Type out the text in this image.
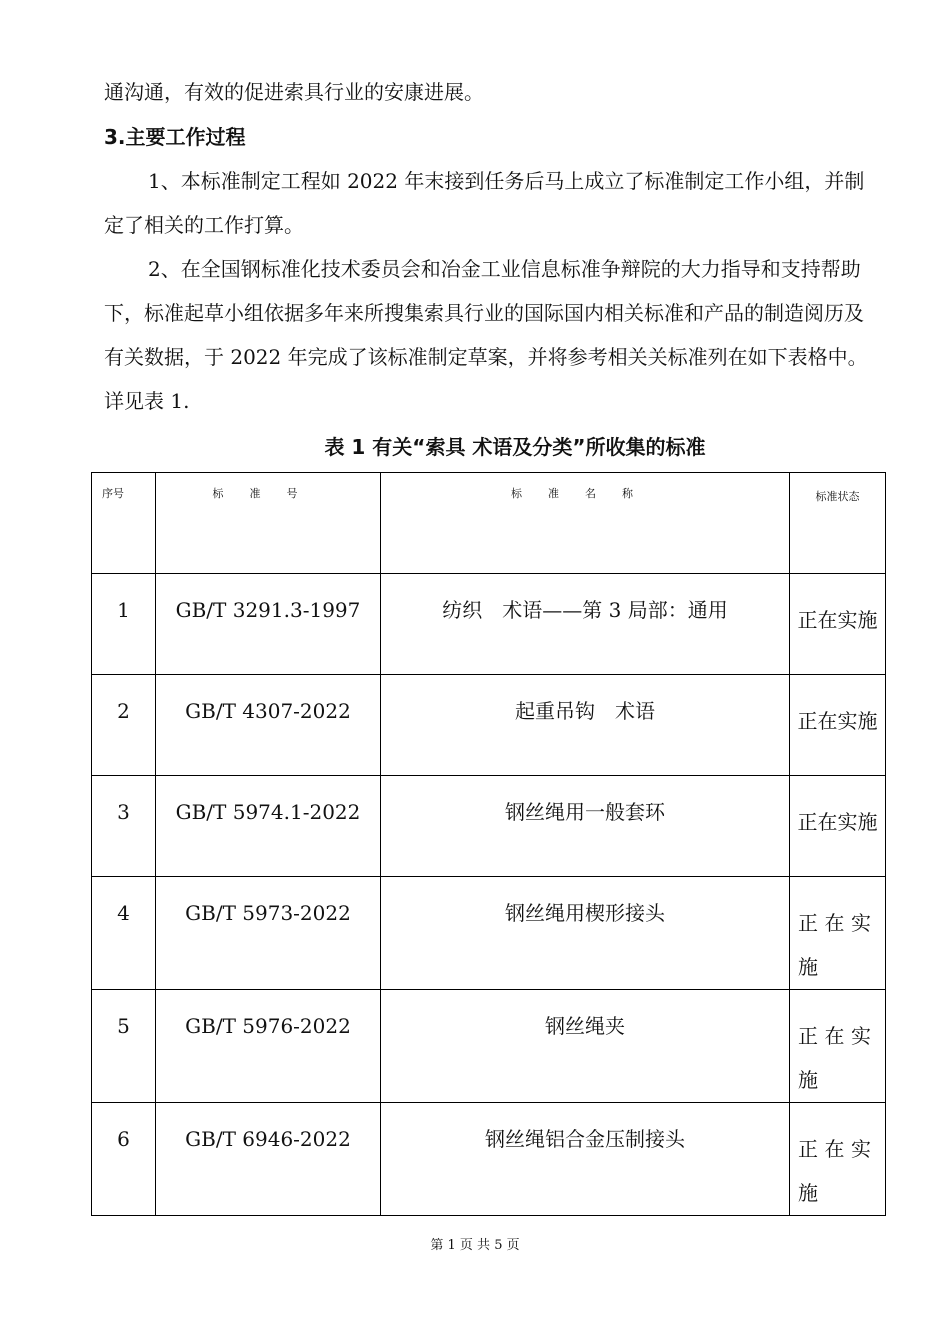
通沟通，有效的促进索具行业的安康进展。
3.主要工作过程
1、本标准制定工程如 2022 年末接到任务后马上成立了标准制定工作小组，并制定了相关的工作打算。
2、在全国钢标准化技术委员会和冶金工业信息标准争辩院的大力指导和支持帮助下，标准起草小组依据多年来所搜集索具行业的国际国内相关标准和产品的制造阅历及有关数据，于 2022 年完成了该标准制定草案，并将参考相关关标准列在如下表格中。详见表 1.
表 1 有关“索具 术语及分类”所收集的标准
序号	标准号	标准名称	标准状态

1	GB/T 3291.3-1997	纺织　术语——第 3 局部：通用	正在实施

2	GB/T 4307-2022	起重吊钩　术语	正在实施

3	GB/T 5974.1-2022	钢丝绳用一般套环	正在实施

4	GB/T 5973-2022	钢丝绳用楔形接头	正在实施

5	GB/T 5976-2022	钢丝绳夹	正在实施

6	GB/T 6946-2022	钢丝绳铝合金压制接头	正在实施
第 1 页 共 5 页
